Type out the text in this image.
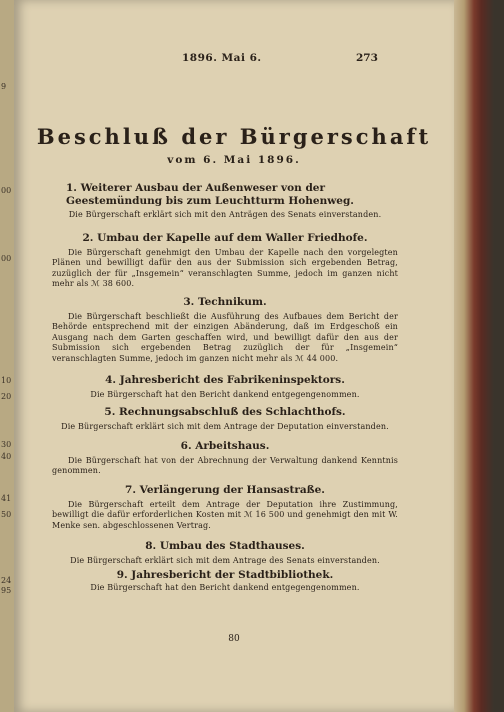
9
00
00
10
20
30
40
41
50
24
95
1896. Mai 6.	273
Beschluß der Bürgerschaft
vom 6. Mai 1896.
1. Weiterer Ausbau der Außenweser von der Geestemündung bis zum Leuchtturm Hohenweg.
Die Bürgerschaft erklärt sich mit den Anträgen des Senats einverstanden.
2. Umbau der Kapelle auf dem Waller Friedhofe.
Die Bürgerschaft genehmigt den Umbau der Kapelle nach den vorgelegten Plänen und bewilligt dafür den aus der Submission sich ergebenden Betrag, zuzüglich der für „Insgemein“ veranschlagten Summe, jedoch im ganzen nicht mehr als ℳ 38 600.
3. Technikum.
Die Bürgerschaft beschließt die Ausführung des Aufbaues dem Bericht der Behörde entsprechend mit der einzigen Abänderung, daß im Erdgeschoß ein Ausgang nach dem Garten geschaffen wird, und bewilligt dafür den aus der Submission sich ergebenden Betrag zuzüglich der für „Insgemein“ veranschlagten Summe, jedoch im ganzen nicht mehr als ℳ 44 000.
4. Jahresbericht des Fabrikeninspektors.
Die Bürgerschaft hat den Bericht dankend entgegengenommen.
5. Rechnungsabschluß des Schlachthofs.
Die Bürgerschaft erklärt sich mit dem Antrage der Deputation einverstanden.
6. Arbeitshaus.
Die Bürgerschaft hat von der Abrechnung der Verwaltung dankend Kenntnis genommen.
7. Verlängerung der Hansastraße.
Die Bürgerschaft erteilt dem Antrage der Deputation ihre Zustimmung, bewilligt die dafür erforderlichen Kosten mit ℳ 16 500 und genehmigt den mit W. Menke sen. abgeschlossenen Vertrag.
8. Umbau des Stadthauses.
Die Bürgerschaft erklärt sich mit dem Antrage des Senats einverstanden.
9. Jahresbericht der Stadtbibliothek.
Die Bürgerschaft hat den Bericht dankend entgegengenommen.
80
